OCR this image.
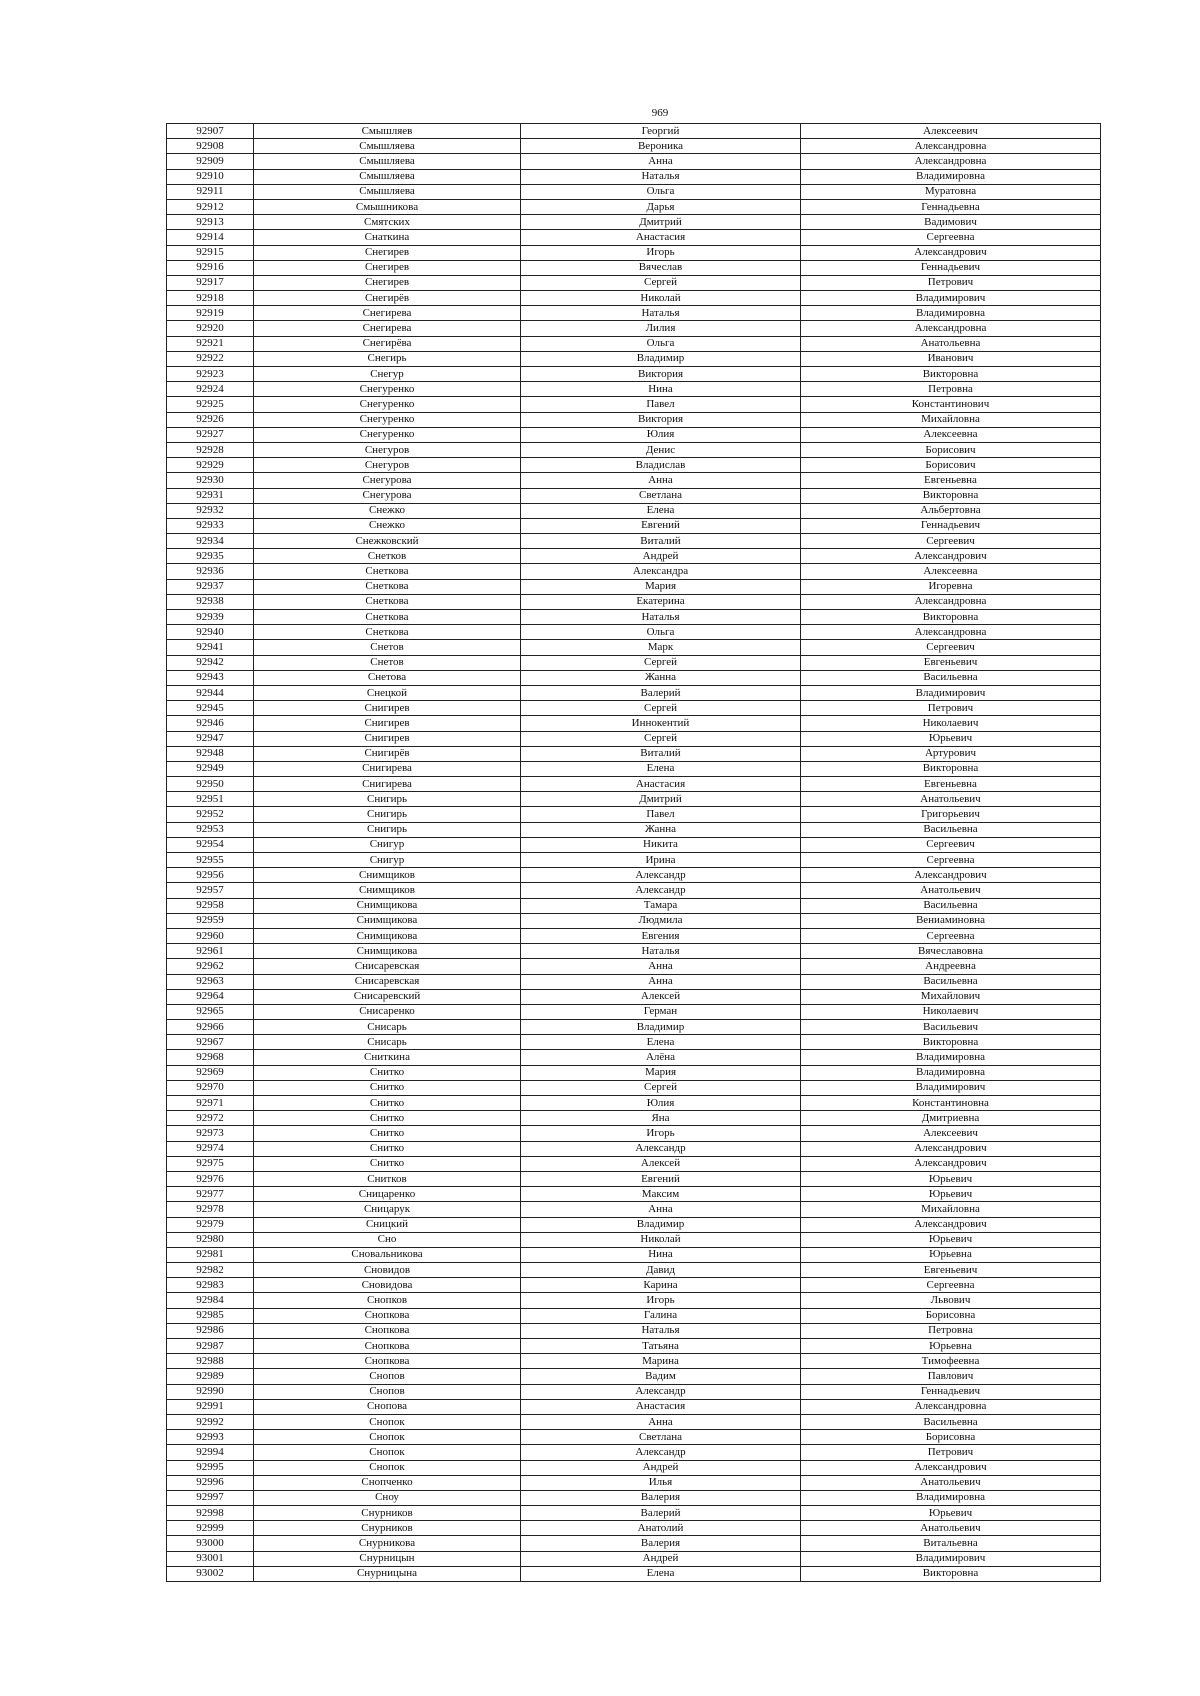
969
92907	Смышляев	Георгий	Алексеевич
92908	Смышляева	Вероника	Александровна
92909	Смышляева	Анна	Александровна
92910	Смышляева	Наталья	Владимировна
92911	Смышляева	Ольга	Муратовна
92912	Смышникова	Дарья	Геннадьевна
92913	Смятских	Дмитрий	Вадимович
92914	Снаткина	Анастасия	Сергеевна
92915	Снегирев	Игорь	Александрович
92916	Снегирев	Вячеслав	Геннадьевич
92917	Снегирев	Сергей	Петрович
92918	Снегирёв	Николай	Владимирович
92919	Снегирева	Наталья	Владимировна
92920	Снегирева	Лилия	Александровна
92921	Снегирёва	Ольга	Анатольевна
92922	Снегирь	Владимир	Иванович
92923	Снегур	Виктория	Викторовна
92924	Снегуренко	Нина	Петровна
92925	Снегуренко	Павел	Константинович
92926	Снегуренко	Виктория	Михайловна
92927	Снегуренко	Юлия	Алексеевна
92928	Снегуров	Денис	Борисович
92929	Снегуров	Владислав	Борисович
92930	Снегурова	Анна	Евгеньевна
92931	Снегурова	Светлана	Викторовна
92932	Снежко	Елена	Альбертовна
92933	Снежко	Евгений	Геннадьевич
92934	Снежковский	Виталий	Сергеевич
92935	Снетков	Андрей	Александрович
92936	Снеткова	Александра	Алексеевна
92937	Снеткова	Мария	Игоревна
92938	Снеткова	Екатерина	Александровна
92939	Снеткова	Наталья	Викторовна
92940	Снеткова	Ольга	Александровна
92941	Снетов	Марк	Сергеевич
92942	Снетов	Сергей	Евгеньевич
92943	Снетова	Жанна	Васильевна
92944	Снецкой	Валерий	Владимирович
92945	Снигирев	Сергей	Петрович
92946	Снигирев	Иннокентий	Николаевич
92947	Снигирев	Сергей	Юрьевич
92948	Снигирёв	Виталий	Артурович
92949	Снигирева	Елена	Викторовна
92950	Снигирева	Анастасия	Евгеньевна
92951	Снигирь	Дмитрий	Анатольевич
92952	Снигирь	Павел	Григорьевич
92953	Снигирь	Жанна	Васильевна
92954	Снигур	Никита	Сергеевич
92955	Снигур	Ирина	Сергеевна
92956	Снимщиков	Александр	Александрович
92957	Снимщиков	Александр	Анатольевич
92958	Снимщикова	Тамара	Васильевна
92959	Снимщикова	Людмила	Вениаминовна
92960	Снимщикова	Евгения	Сергеевна
92961	Снимщикова	Наталья	Вячеславовна
92962	Снисаревская	Анна	Андреевна
92963	Снисаревская	Анна	Васильевна
92964	Снисаревский	Алексей	Михайлович
92965	Снисаренко	Герман	Николаевич
92966	Снисарь	Владимир	Васильевич
92967	Снисарь	Елена	Викторовна
92968	Сниткина	Алёна	Владимировна
92969	Снитко	Мария	Владимировна
92970	Снитко	Сергей	Владимирович
92971	Снитко	Юлия	Константиновна
92972	Снитко	Яна	Дмитриевна
92973	Снитко	Игорь	Алексеевич
92974	Снитко	Александр	Александрович
92975	Снитко	Алексей	Александрович
92976	Снитков	Евгений	Юрьевич
92977	Сницаренко	Максим	Юрьевич
92978	Сницарук	Анна	Михайловна
92979	Сницкий	Владимир	Александрович
92980	Сно	Николай	Юрьевич
92981	Сновальникова	Нина	Юрьевна
92982	Сновидов	Давид	Евгеньевич
92983	Сновидова	Карина	Сергеевна
92984	Снопков	Игорь	Львович
92985	Снопкова	Галина	Борисовна
92986	Снопкова	Наталья	Петровна
92987	Снопкова	Татьяна	Юрьевна
92988	Снопкова	Марина	Тимофеевна
92989	Снопов	Вадим	Павлович
92990	Снопов	Александр	Геннадьевич
92991	Снопова	Анастасия	Александровна
92992	Снопок	Анна	Васильевна
92993	Снопок	Светлана	Борисовна
92994	Снопок	Александр	Петрович
92995	Снопок	Андрей	Александрович
92996	Снопченко	Илья	Анатольевич
92997	Сноу	Валерия	Владимировна
92998	Снурников	Валерий	Юрьевич
92999	Снурников	Анатолий	Анатольевич
93000	Снурникова	Валерия	Витальевна
93001	Снурницын	Андрей	Владимирович
93002	Снурницына	Елена	Викторовна
